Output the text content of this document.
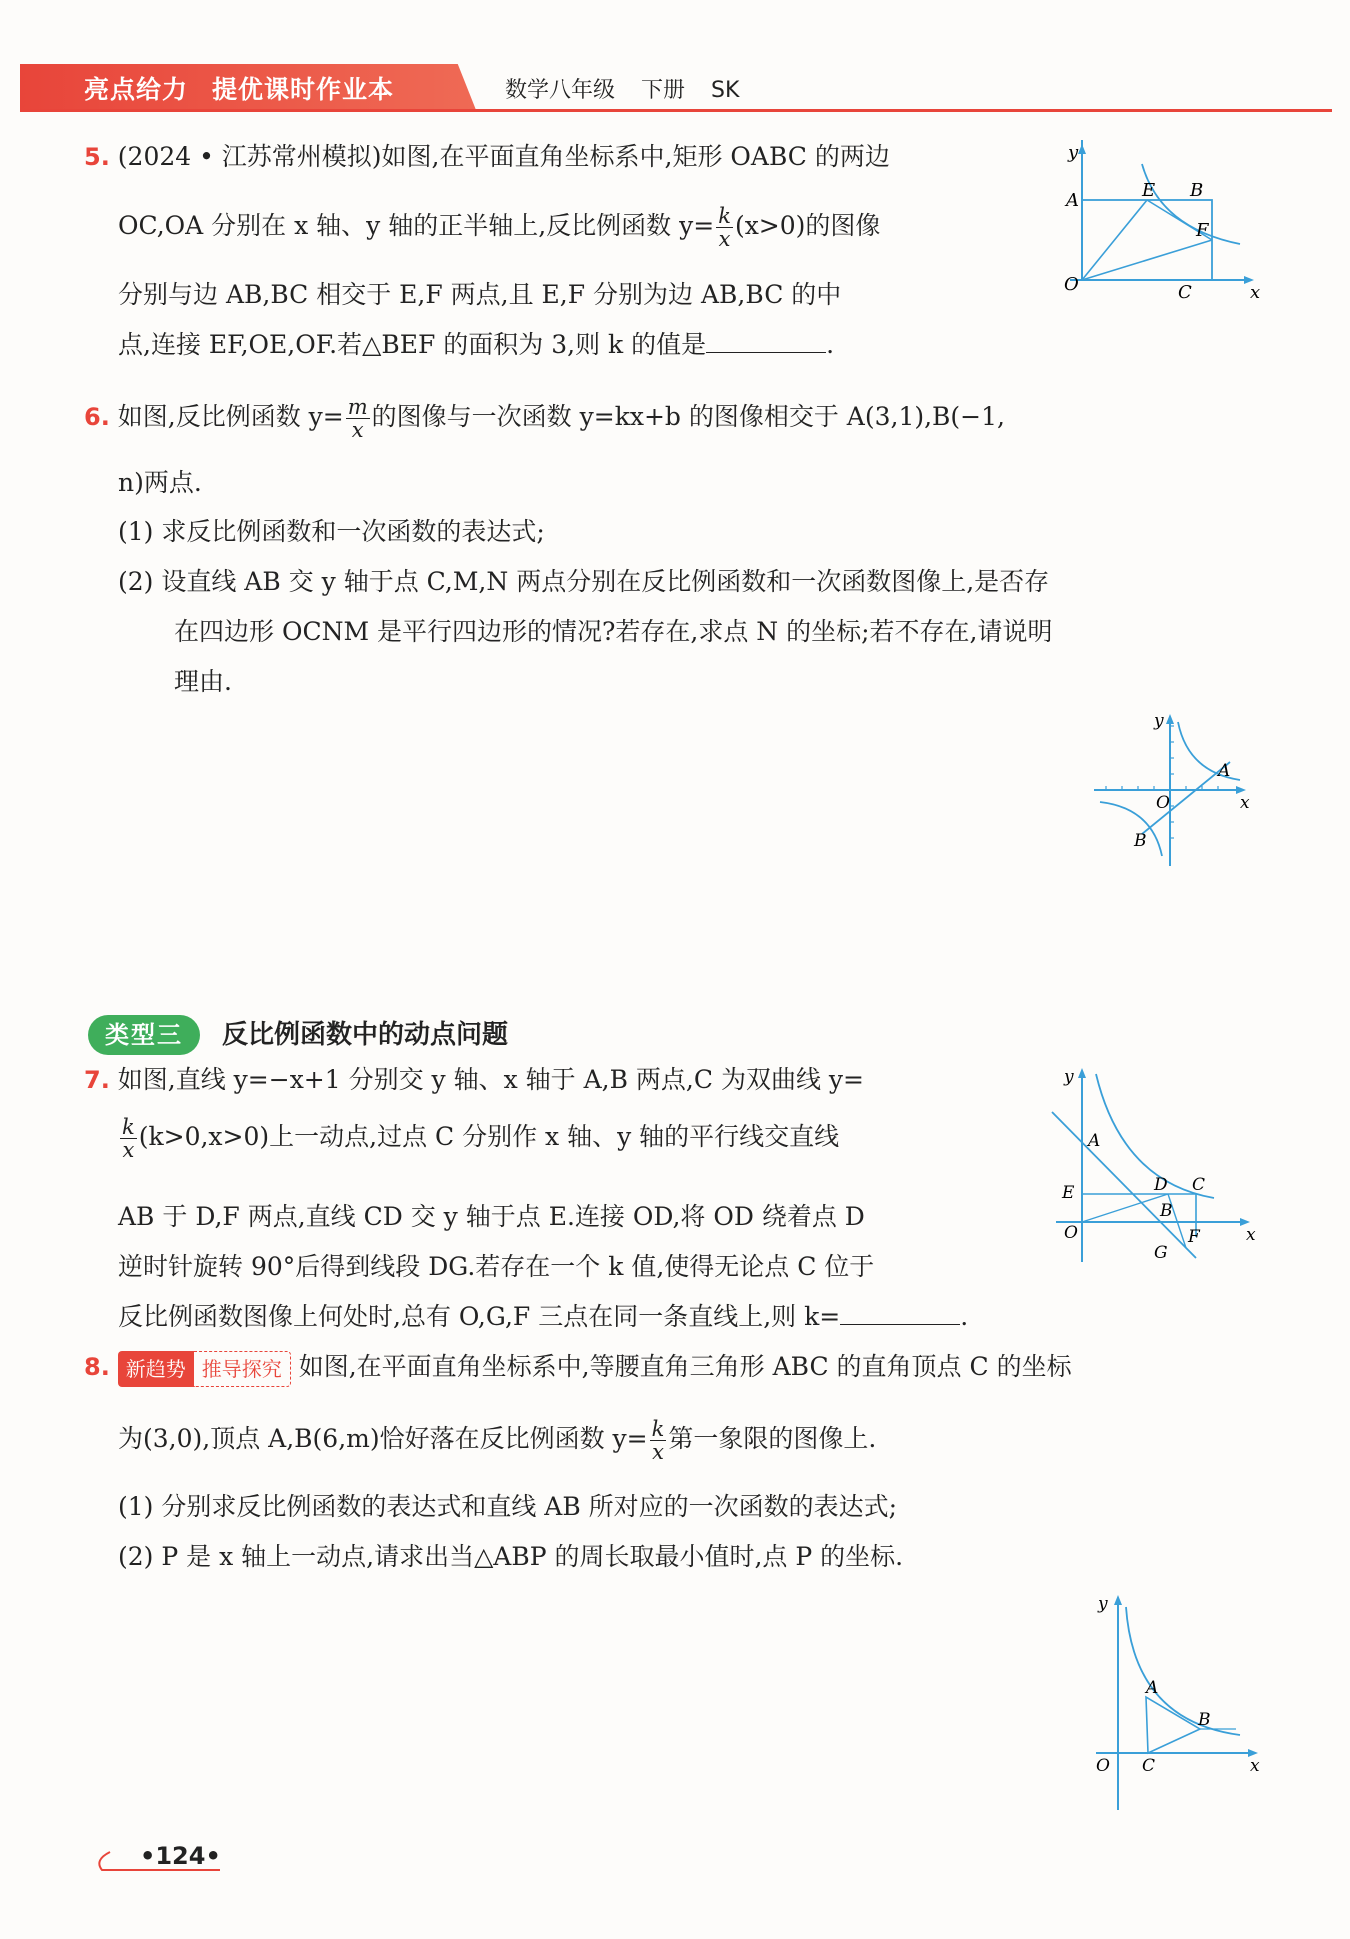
亮点给力 提优课时作业本	数学八年级 下册 SK
5. (2024 • 江苏常州模拟)如图,在平面直角坐标系中,矩形 OABC 的两边
OC,OA 分别在 x 轴、y 轴的正半轴上,反比例函数 $y= \frac{k}{x} (x>0)$的图像
分别与边 AB,BC 相交于 E,F 两点,且 E,F 分别为边 AB,BC 的中
点,连接 EF,OE,OF.若△BEF 的面积为 3,则 k 的值是	.
y
x
O
A	E B
F
C
6. 如图,反比例函数 $y= \frac{m}{x}$ 的图像与一次函数 y=kx+b 的图像相交于 A(3,1),B(−1,
n)两点.
(1) 求反比例函数和一次函数的表达式;
(2) 设直线 AB 交 y 轴于点 C,M,N 两点分别在反比例函数和一次函数图像上,是否存
在四边形 OCNM 是平行四边形的情况?若存在,求点 N 的坐标;若不存在,请说明
理由.
y
x
O
A
B
类型三	反比例函数中的动点问题
7. 如图,直线 y=−x+1 分别交 y 轴、x 轴于 A,B 两点,C 为双曲线 y=
$\frac{k}{x} (k>0,x>0)$上一动点,过点 C 分别作 x 轴、y 轴的平行线交直线
AB 于 D,F 两点,直线 CD 交 y 轴于点 E.连接 OD,将 OD 绕着点 D
逆时针旋转 90°后得到线段 DG.若存在一个 k 值,使得无论点 C 位于
反比例函数图像上何处时,总有 O,G,F 三点在同一条直线上,则 k=	.
y
x
O
A
E	D C
B
F
G
8. 新趋势 推导探究 如图,在平面直角坐标系中,等腰直角三角形 ABC 的直角顶点 C 的坐标
为(3,0),顶点 A,B(6,m)恰好落在反比例函数 $y= \frac{k}{x}$ 第一象限的图像上.
(1) 分别求反比例函数的表达式和直线 AB 所对应的一次函数的表达式;
(2) P 是 x 轴上一动点,请求出当△ABP 的周长取最小值时,点 P 的坐标.
y
x
O C
A
B
•124•
